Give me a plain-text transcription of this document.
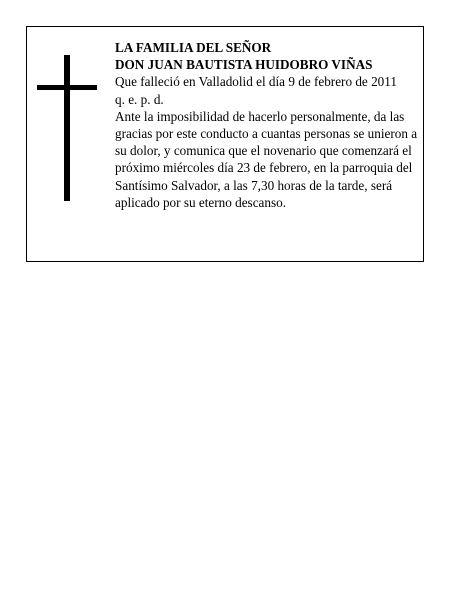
LA FAMILIA DEL SEÑOR

DON JUAN BAUTISTA HUIDOBRO VIÑAS

Que falleció en Valladolid el día 9 de febrero de 2011

q. e. p. d.

Ante la imposibilidad de hacerlo personalmente, da las gracias por este conducto a cuantas personas se unieron a su dolor, y comunica que el novenario que comenzará el próximo miércoles día 23 de febrero, en la parroquia del Santísimo Salvador, a las 7,30 horas de la tarde, será aplicado por su eterno descanso.
